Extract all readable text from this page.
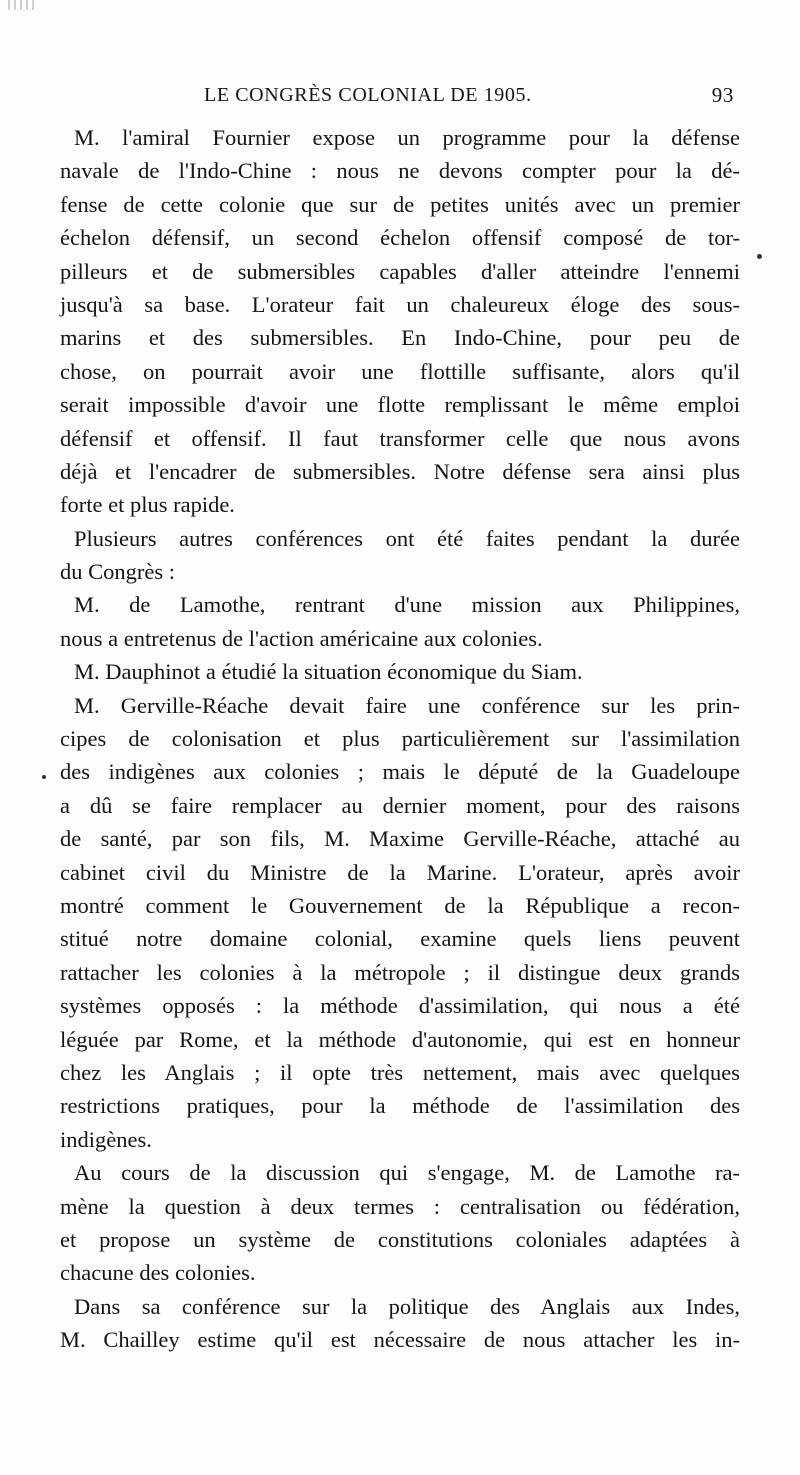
LE CONGRÈS COLONIAL DE 1905.	93
M. l'amiral Fournier expose un programme pour la défense
navale de l'Indo-Chine : nous ne devons compter pour la dé-
fense de cette colonie que sur de petites unités avec un premier
échelon défensif, un second échelon offensif composé de tor-
pilleurs et de submersibles capables d'aller atteindre l'ennemi
jusqu'à sa base. L'orateur fait un chaleureux éloge des sous-
marins et des submersibles. En Indo-Chine, pour peu de
chose, on pourrait avoir une flottille suffisante, alors qu'il
serait impossible d'avoir une flotte remplissant le même emploi
défensif et offensif. Il faut transformer celle que nous avons
déjà et l'encadrer de submersibles. Notre défense sera ainsi plus
forte et plus rapide.
Plusieurs autres conférences ont été faites pendant la durée
du Congrès :
M. de Lamothe, rentrant d'une mission aux Philippines,
nous a entretenus de l'action américaine aux colonies.
M. Dauphinot a étudié la situation économique du Siam.
M. Gerville-Réache devait faire une conférence sur les prin-
cipes de colonisation et plus particulièrement sur l'assimilation
des indigènes aux colonies ; mais le député de la Guadeloupe
a dû se faire remplacer au dernier moment, pour des raisons
de santé, par son fils, M. Maxime Gerville-Réache, attaché au
cabinet civil du Ministre de la Marine. L'orateur, après avoir
montré comment le Gouvernement de la République a recon-
stitué notre domaine colonial, examine quels liens peuvent
rattacher les colonies à la métropole ; il distingue deux grands
systèmes opposés : la méthode d'assimilation, qui nous a été
léguée par Rome, et la méthode d'autonomie, qui est en honneur
chez les Anglais ; il opte très nettement, mais avec quelques
restrictions pratiques, pour la méthode de l'assimilation des
indigènes.
Au cours de la discussion qui s'engage, M. de Lamothe ra-
mène la question à deux termes : centralisation ou fédération,
et propose un système de constitutions coloniales adaptées à
chacune des colonies.
Dans sa conférence sur la politique des Anglais aux Indes,
M. Chailley estime qu'il est nécessaire de nous attacher les in-
